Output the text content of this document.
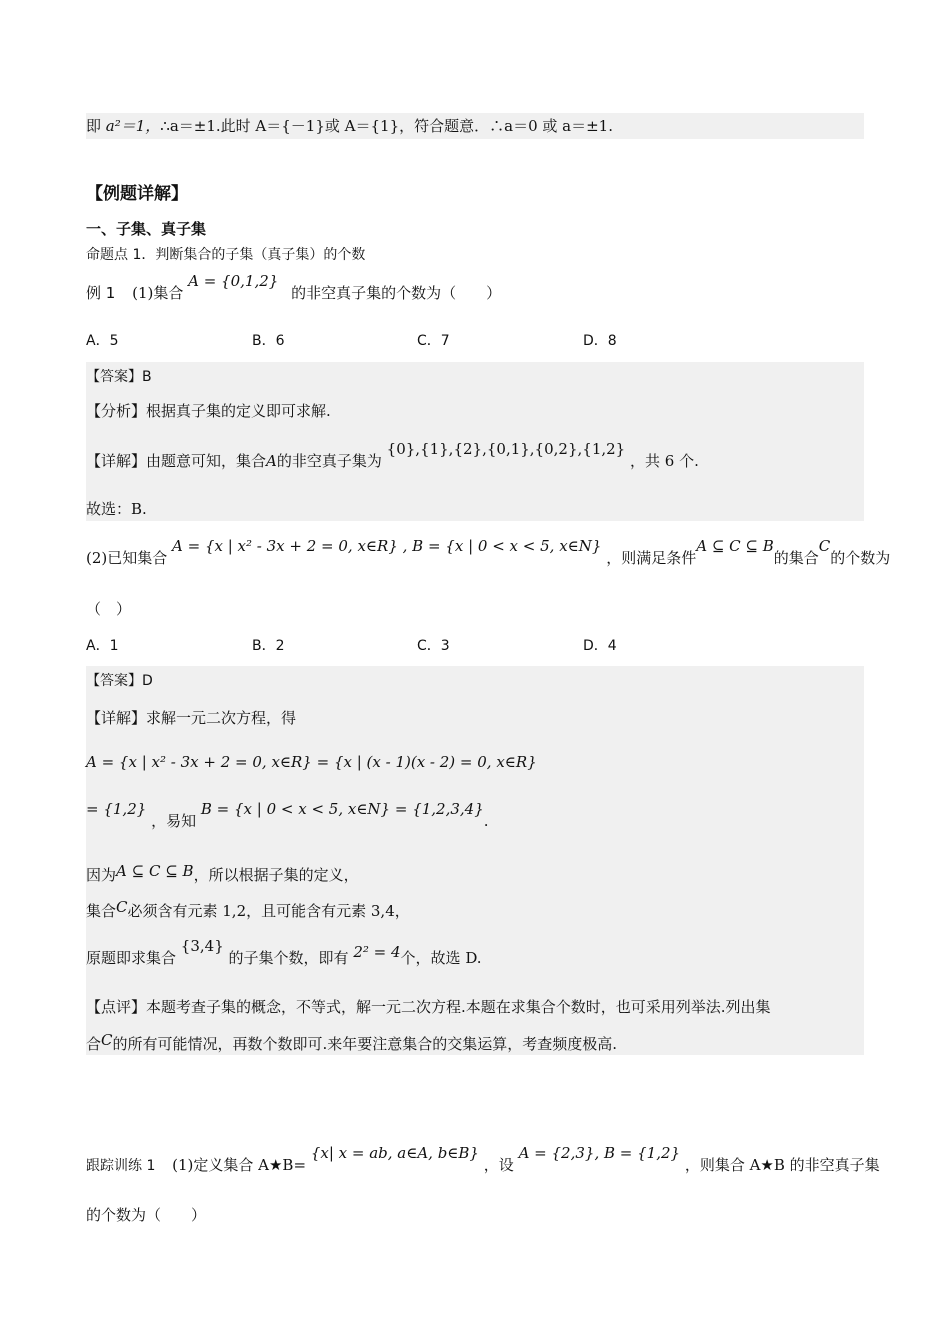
即 a²＝1，∴a＝±1.此时 A＝{－1}或 A＝{1}，符合题意．∴a＝0 或 a＝±1.
【例题详解】
一、子集、真子集
命题点 1．判断集合的子集（真子集）的个数
例 1 (1)集合 A = {0,1,2} 的非空真子集的个数为（　　）
A．5	B．6	C．7	D．8
【答案】B
【分析】根据真子集的定义即可求解.
【详解】由题意可知，集合A的非空真子集为 {0},{1},{2},{0,1},{0,2},{1,2} ，共 6 个.
故选：B.
(2)已知集合 A = {x | x² - 3x + 2 = 0, x∈R} , B = {x | 0 < x < 5, x∈N} ，则满足条件A ⊆ C ⊆ B的集合C的个数为
（　）
A．1	B．2	C．3	D．4
【答案】D
【详解】求解一元二次方程，得
A = {x | x² - 3x + 2 = 0, x∈R} = {x | (x - 1)(x - 2) = 0, x∈R}
= {1,2} ，易知 B = {x | 0 < x < 5, x∈N} = {1,2,3,4}.
因为A ⊆ C ⊆ B，所以根据子集的定义，
集合C必须含有元素 1,2，且可能含有元素 3,4，
原题即求集合 {3,4} 的子集个数，即有 2² = 4个，故选 D.
【点评】本题考查子集的概念，不等式，解一元二次方程.本题在求集合个数时，也可采用列举法.列出集
合C的所有可能情况，再数个数即可.来年要注意集合的交集运算，考查频度极高.
跟踪训练 1 (1)定义集合 A★B= {x| x = ab, a∈A, b∈B} ，设 A = {2,3}, B = {1,2} ，则集合 A★B 的非空真子集
的个数为（　　）
